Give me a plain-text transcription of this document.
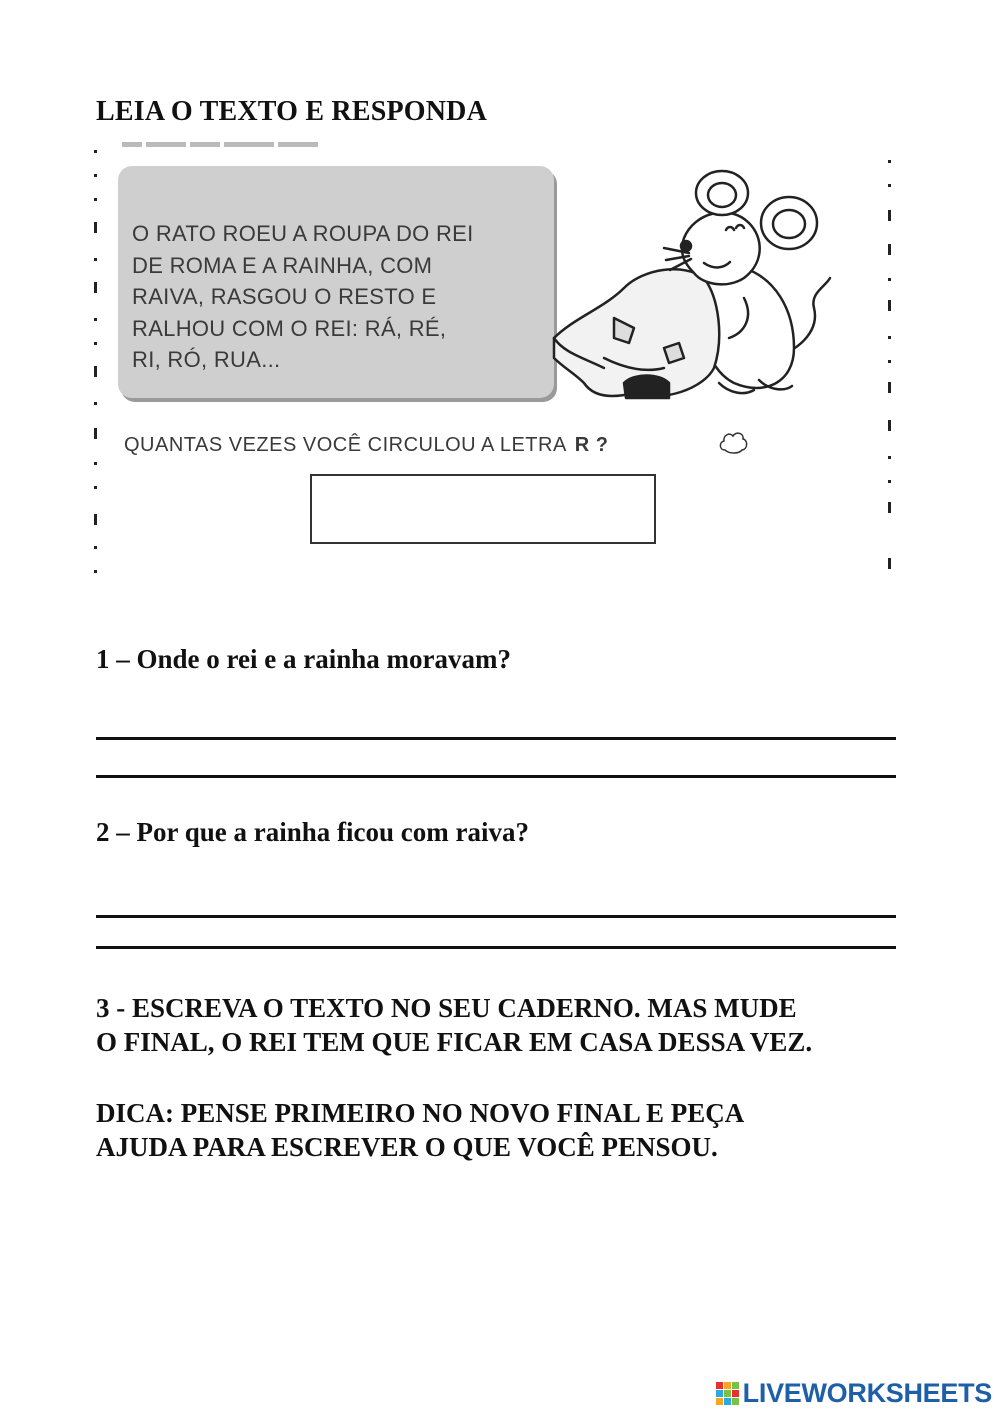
LEIA O TEXTO E RESPONDA
O RATO ROEU A ROUPA DO REI
DE ROMA E A RAINHA, COM
RAIVA, RASGOU O RESTO E
RALHOU COM O REI: RÁ, RÉ,
RI, RÓ, RUA...
QUANTAS VEZES VOCÊ CIRCULOU A LETRA R ?
1 – Onde o rei e a rainha moravam?
2 – Por que a rainha ficou com raiva?
3 - ESCREVA O TEXTO NO SEU CADERNO. MAS MUDE
O FINAL, O REI TEM QUE FICAR EM CASA DESSA VEZ.
DICA: PENSE PRIMEIRO NO NOVO FINAL E PEÇA
AJUDA PARA ESCREVER O QUE VOCÊ PENSOU.
LIVEWORKSHEETS
